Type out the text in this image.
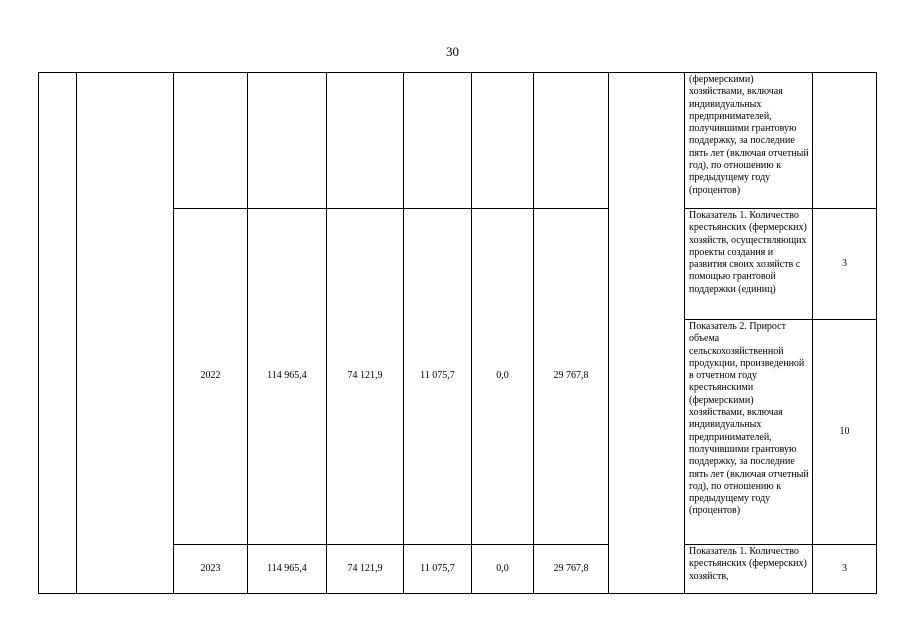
30
									(фермерскими) хозяйствами, включая индивидуальных предпринимателей, получившими грантовую поддержку, за последние пять лет (включая отчетный год), по отношению к предыдущему году (процентов)	
		2022	114 965,4	74 121,9	11 075,7	0,0	29 767,8		Показатель 1. Количество крестьянских (фермерских) хозяйств, осуществляющих проекты создания и развития своих хозяйств с помощью грантовой поддержки (единиц)	3
									Показатель 2. Прирост объема сельскохозяйственной продукции, произведенной в отчетном году крестьянскими (фермерскими) хозяйствами, включая индивидуальных предпринимателей, получившими грантовую поддержку, за последние пять лет (включая отчетный год), по отношению к предыдущему году (процентов)	10
		2023	114 965,4	74 121,9	11 075,7	0,0	29 767,8		Показатель 1. Количество крестьянских (фермерских) хозяйств,	3
